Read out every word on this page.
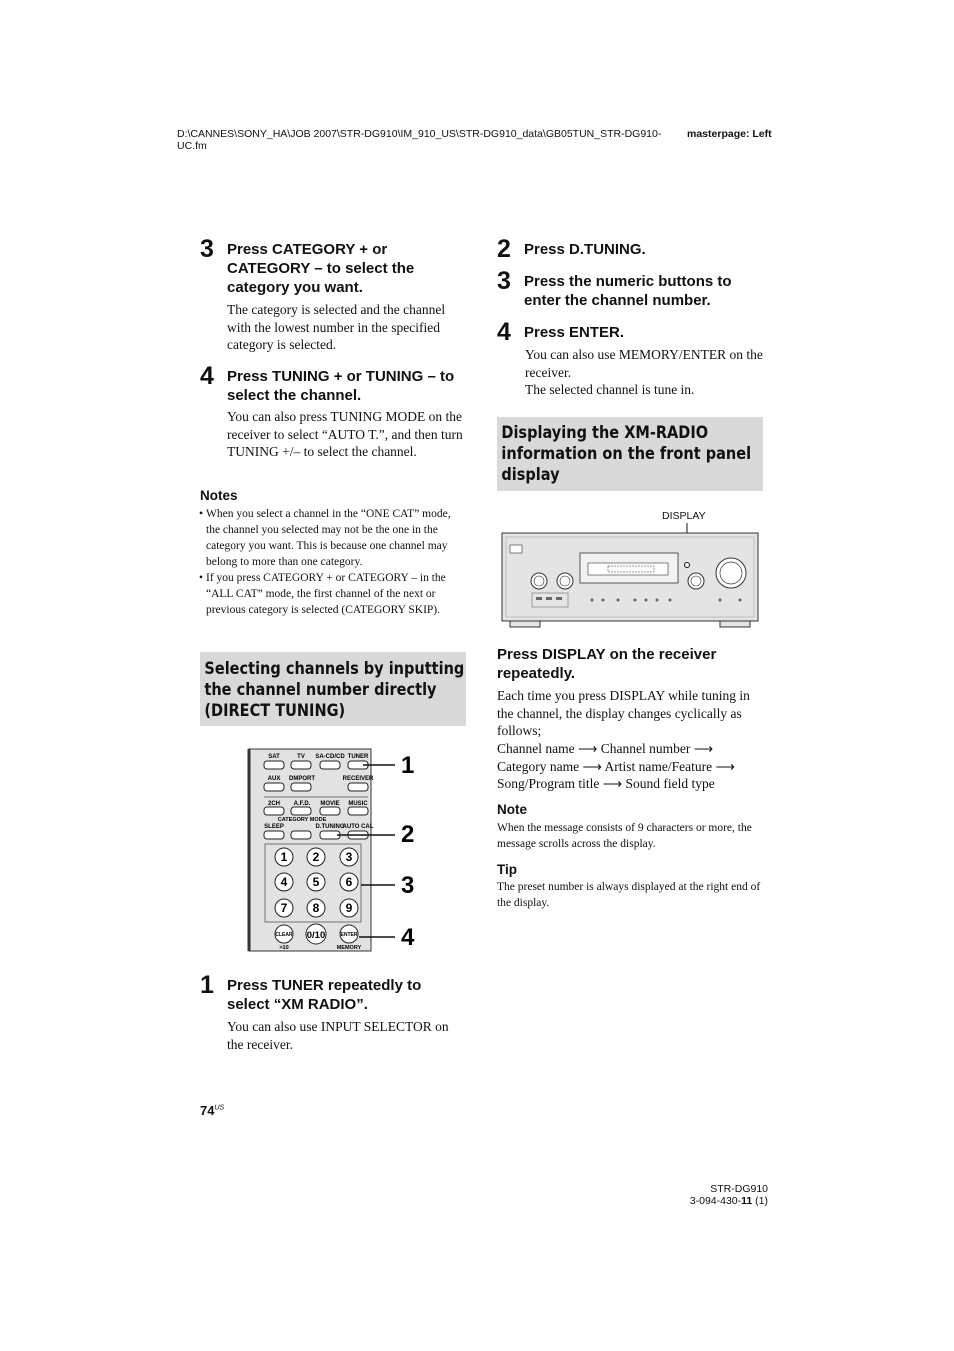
D:\CANNES\SONY_HA\JOB 2007\STR-DG910\IM_910_US\STR-DG910_data\GB05TUN_STR-DG910-UC.fm
masterpage: Left
3 Press CATEGORY + or CATEGORY – to select the category you want.
The category is selected and the channel with the lowest number in the specified category is selected.
4 Press TUNING + or TUNING – to select the channel.
You can also press TUNING MODE on the receiver to select “AUTO T.”, and then turn TUNING +/– to select the channel.
Notes
• When you select a channel in the “ONE CAT” mode, the channel you selected may not be the one in the category you want. This is because one channel may belong to more than one category.
• If you press CATEGORY + or CATEGORY – in the “ALL CAT” mode, the first channel of the next or previous category is selected (CATEGORY SKIP).
Selecting channels by inputting the channel number directly (DIRECT TUNING)
SAT	TV SA-CD/CD TUNER
AUX DMPORT	RECEIVER
2CH A.F.D. MOVIE MUSIC
SLEEP
CATEGORY MODE
D.TUNING
AUTO CAL
1 2 3
4 5 6
7 8 9
CLEAR 0/10	ENTER
>10	MEMORY
1
2
3
4
1 Press TUNER repeatedly to select “XM RADIO”.
You can also use INPUT SELECTOR on the receiver.
2 Press D.TUNING.
3 Press the numeric buttons to enter the channel number.
4 Press ENTER.
You can also use MEMORY/ENTER on the receiver.
The selected channel is tune in.
Displaying the XM-RADIO information on the front panel display
DISPLAY
Press DISPLAY on the receiver repeatedly.
Each time you press DISPLAY while tuning in the channel, the display changes cyclically as follows;
Channel name ⟶ Channel number ⟶
Category name ⟶ Artist name/Feature ⟶
Song/Program title ⟶ Sound field type
Note
When the message consists of 9 characters or more, the message scrolls across the display.
Tip
The preset number is always displayed at the right end of the display.
$74^{US}$
STR-DG910
3-094-430-11 (1)
